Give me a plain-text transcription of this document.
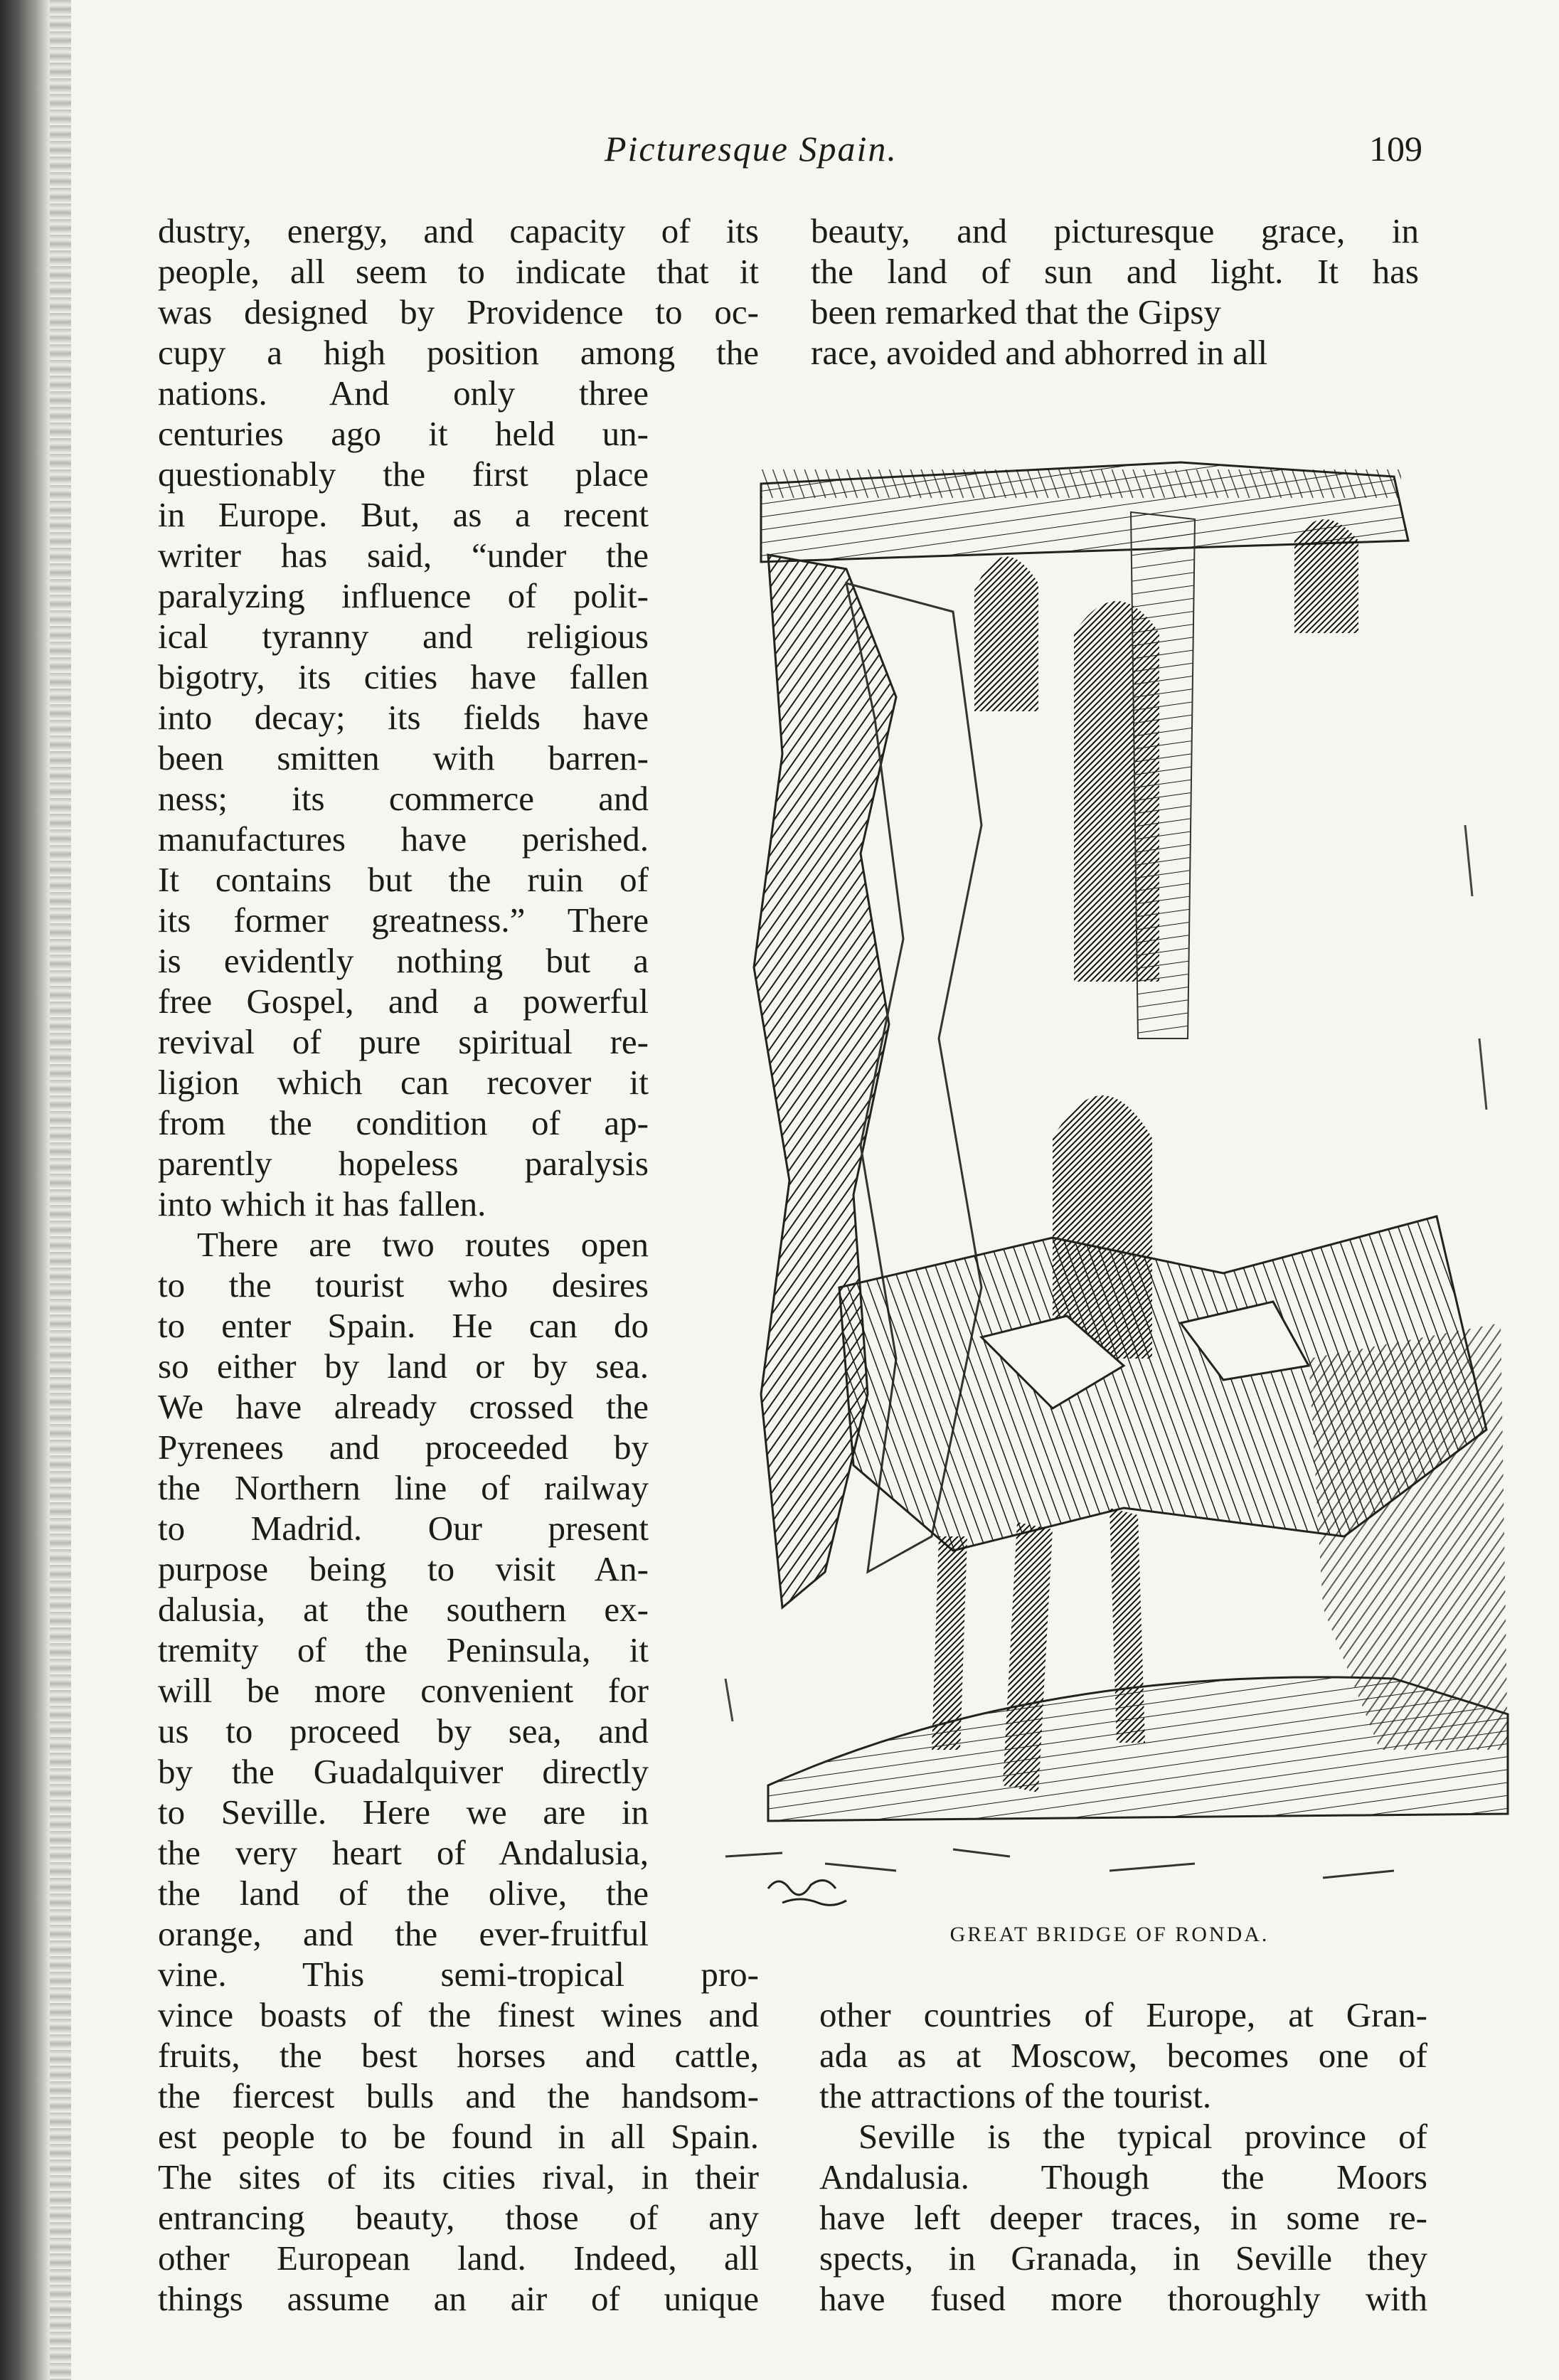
Picturesque Spain.	109
dustry, energy, and capacity of its
people, all seem to indicate that it
was designed by Providence to oc-
cupy a high position among the
nations. And only three
centuries ago it held un-
questionably the first place
in Europe. But, as a recent
writer has said, “under the
paralyzing influence of polit-
ical tyranny and religious
bigotry, its cities have fallen
into decay; its fields have
been smitten with barren-
ness; its commerce and
manufactures have perished.
It contains but the ruin of
its former greatness.” There
is evidently nothing but a
free Gospel, and a powerful
revival of pure spiritual re-
ligion which can recover it
from the condition of ap-
parently hopeless paralysis
into which it has fallen.
There are two routes open
to the tourist who desires
to enter Spain. He can do
so either by land or by sea.
We have already crossed the
Pyrenees and proceeded by
the Northern line of railway
to Madrid. Our present
purpose being to visit An-
dalusia, at the southern ex-
tremity of the Peninsula, it
will be more convenient for
us to proceed by sea, and
by the Guadalquiver directly
to Seville. Here we are in
the very heart of Andalusia,
the land of the olive, the
orange, and the ever-fruitful
vine. This semi-tropical pro-
vince boasts of the finest wines and
fruits, the best horses and cattle,
the fiercest bulls and the handsom-
est people to be found in all Spain.
The sites of its cities rival, in their
entrancing beauty, those of any
other European land. Indeed, all
things assume an air of unique
beauty, and picturesque grace, in
the land of sun and light. It has
been remarked that the Gipsy
race, avoided and abhorred in all
GREAT BRIDGE OF RONDA.
other countries of Europe, at Gran-
ada as at Moscow, becomes one of
the attractions of the tourist.
Seville is the typical province of
Andalusia. Though the Moors
have left deeper traces, in some re-
spects, in Granada, in Seville they
have fused more thoroughly with
